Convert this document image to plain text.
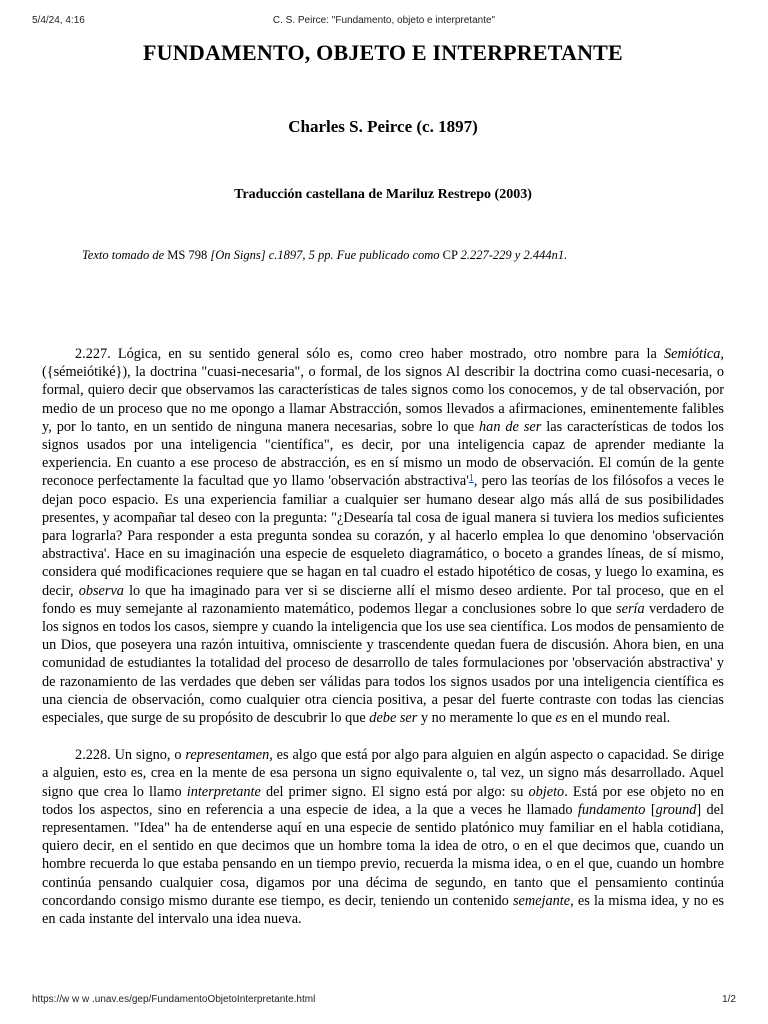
5/4/24, 4:16	C. S. Peirce: "Fundamento, objeto e interpretante"
FUNDAMENTO, OBJETO E INTERPRETANTE
Charles S. Peirce (c. 1897)
Traducción castellana de Mariluz Restrepo (2003)
Texto tomado de MS 798 [On Signs] c.1897, 5 pp. Fue publicado como CP 2.227-229 y 2.444n1.

2.227. Lógica, en su sentido general sólo es, como creo haber mostrado, otro nombre para la Semiótica, ({sémeiótiké}), la doctrina "cuasi-necesaria", o formal, de los signos Al describir la doctrina como cuasi-necesaria, o formal, quiero decir que observamos las características de tales signos como los conocemos, y de tal observación, por medio de un proceso que no me opongo a llamar Abstracción, somos llevados a afirmaciones, eminentemente falibles y, por lo tanto, en un sentido de ninguna manera necesarias, sobre lo que han de ser las características de todos los signos usados por una inteligencia "científica", es decir, por una inteligencia capaz de aprender mediante la experiencia. En cuanto a ese proceso de abstracción, es en sí mismo un modo de observación. El común de la gente reconoce perfectamente la facultad que yo llamo 'observación abstractiva'$^1$, pero las teorías de los filósofos a veces le dejan poco espacio. Es una experiencia familiar a cualquier ser humano desear algo más allá de sus posibilidades presentes, y acompañar tal deseo con la pregunta: "¿Desearía tal cosa de igual manera si tuviera los medios suficientes para lograrla? Para responder a esta pregunta sondea su corazón, y al hacerlo emplea lo que denomino 'observación abstractiva'. Hace en su imaginación una especie de esqueleto diagramático, o boceto a grandes líneas, de sí mismo, considera qué modificaciones requiere que se hagan en tal cuadro el estado hipotético de cosas, y luego lo examina, es decir, observa lo que ha imaginado para ver si se discierne allí el mismo deseo ardiente. Por tal proceso, que en el fondo es muy semejante al razonamiento matemático, podemos llegar a conclusiones sobre lo que sería verdadero de los signos en todos los casos, siempre y cuando la inteligencia que los use sea científica. Los modos de pensamiento de un Dios, que poseyera una razón intuitiva, omnisciente y trascendente quedan fuera de discusión. Ahora bien, en una comunidad de estudiantes la totalidad del proceso de desarrollo de tales formulaciones por 'observación abstractiva' y de razonamiento de las verdades que deben ser válidas para todos los signos usados por una inteligencia científica es una ciencia de observación, como cualquier otra ciencia positiva, a pesar del fuerte contraste con todas las ciencias especiales, que surge de su propósito de descubrir lo que debe ser y no meramente lo que es en el mundo real.

2.228. Un signo, o representamen, es algo que está por algo para alguien en algún aspecto o capacidad. Se dirige a alguien, esto es, crea en la mente de esa persona un signo equivalente o, tal vez, un signo más desarrollado. Aquel signo que crea lo llamo interpretante del primer signo. El signo está por algo: su objeto. Está por ese objeto no en todos los aspectos, sino en referencia a una especie de idea, a la que a veces he llamado fundamento [ground] del representamen. "Idea" ha de entenderse aquí en una especie de sentido platónico muy familiar en el habla cotidiana, quiero decir, en el sentido en que decimos que un hombre toma la idea de otro, o en el que decimos que, cuando un hombre recuerda lo que estaba pensando en un tiempo previo, recuerda la misma idea, o en el que, cuando un hombre continúa pensando cualquier cosa, digamos por una décima de segundo, en tanto que el pensamiento continúa concordando consigo mismo durante ese tiempo, es decir, teniendo un contenido semejante, es la misma idea, y no es en cada instante del intervalo una idea nueva.

https://w w w .unav.es/gep/FundamentoObjetoInterpretante.html	1/2
